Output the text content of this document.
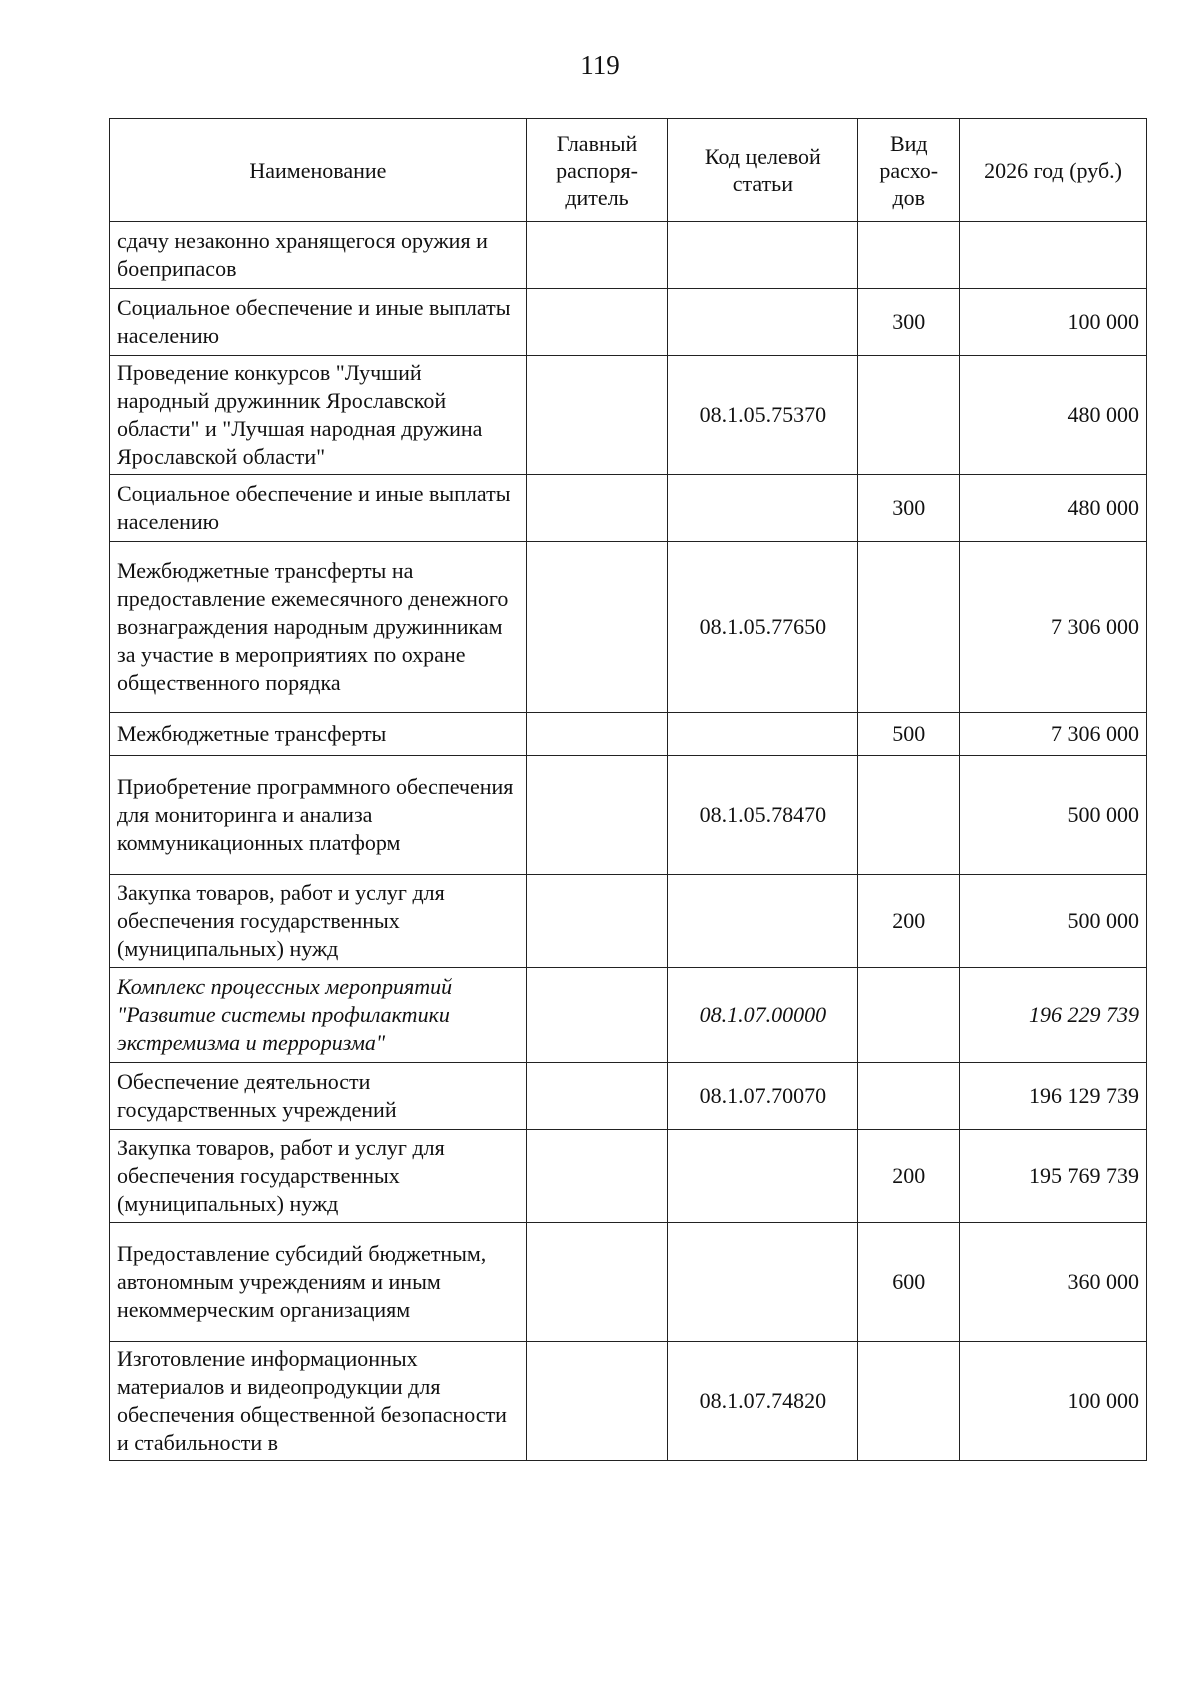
119
Наименование	Главный распоря-дитель	Код целевой статьи	Вид расхо-дов	2026 год (руб.)
сдачу незаконно хранящегося оружия и боеприпасов				
Социальное обеспечение и иные выплаты населению			300	100 000
Проведение конкурсов "Лучший народный дружинник Ярославской области" и "Лучшая народная дружина Ярославской области"		08.1.05.75370		480 000
Социальное обеспечение и иные выплаты населению			300	480 000
Межбюджетные трансферты на предоставление ежемесячного денежного вознаграждения народным дружинникам за участие в мероприятиях по охране общественного порядка		08.1.05.77650		7 306 000
Межбюджетные трансферты			500	7 306 000
Приобретение программного обеспечения для мониторинга и анализа коммуникационных платформ		08.1.05.78470		500 000
Закупка товаров, работ и услуг для обеспечения государственных (муниципальных) нужд			200	500 000
Комплекс процессных мероприятий "Развитие системы профилактики экстремизма и терроризма"		08.1.07.00000		196 229 739
Обеспечение деятельности государственных учреждений		08.1.07.70070		196 129 739
Закупка товаров, работ и услуг для обеспечения государственных (муниципальных) нужд			200	195 769 739
Предоставление субсидий бюджетным, автономным учреждениям и иным некоммерческим организациям			600	360 000
Изготовление информационных материалов и видеопродукции для обеспечения общественной безопасности и стабильности в		08.1.07.74820		100 000
